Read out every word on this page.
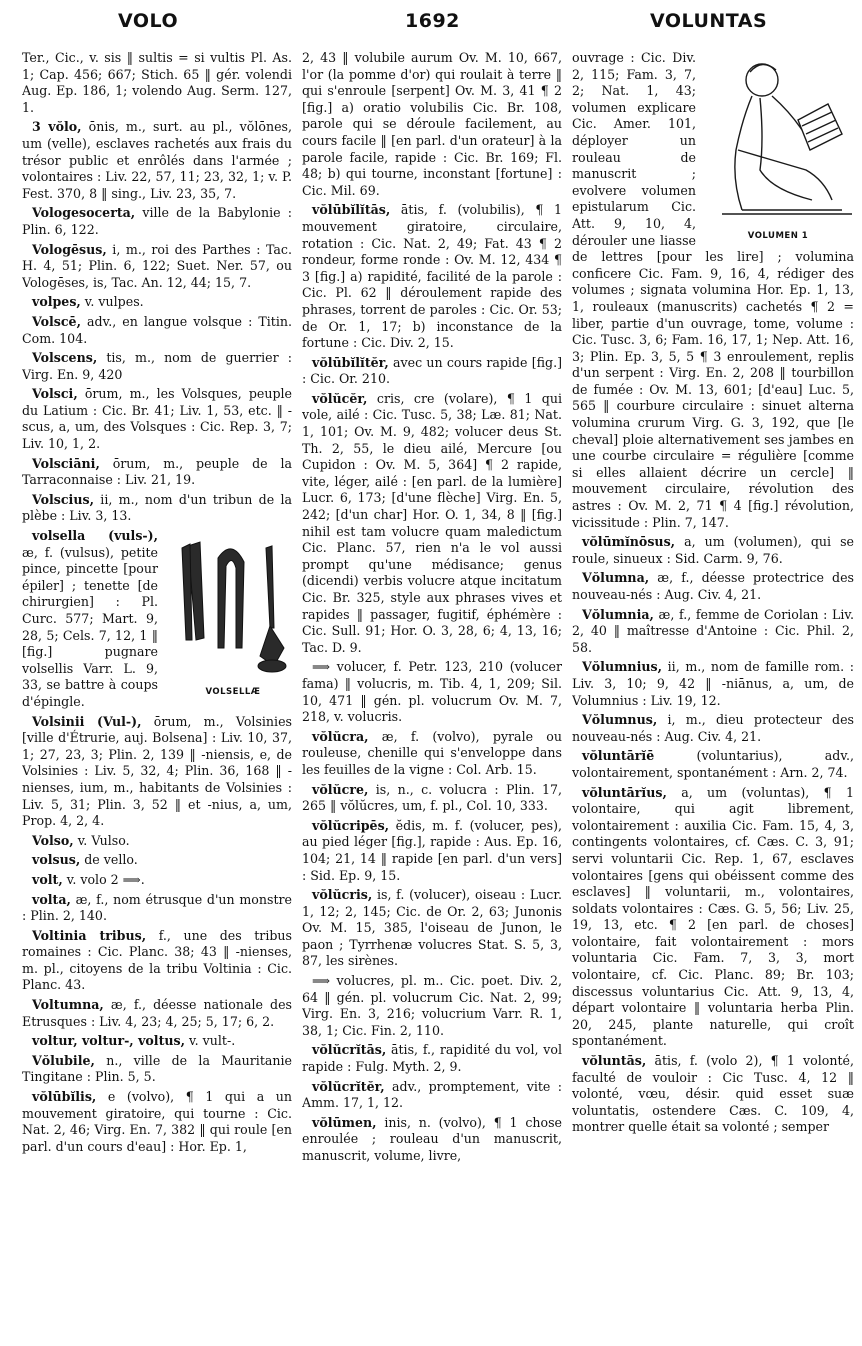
VOLO	1692	VOLUNTAS

Ter., Cic., v. sis ‖ sultis = si vultis Pl. As. 1; Cap. 456; 667; Stich. 65 ‖ gér. volendi Aug. Ep. 186, 1; volendo Aug. Serm. 127, 1.

3 vŏlo, ōnis, m., surt. au pl., vŏlōnes, um (velle), esclaves rachetés aux frais du trésor public et enrôlés dans l'armée ; volontaires : Liv. 22, 57, 11; 23, 32, 1; v. P. Fest. 370, 8 ‖ sing., Liv. 23, 35, 7.

Vologesocerta, ville de la Babylonie : Plin. 6, 122.

Vologēsus, i, m., roi des Parthes : Tac. H. 4, 51; Plin. 6, 122; Suet. Ner. 57, ou Vologēses, is, Tac. An. 12, 44; 15, 7.

volpes, v. vulpes.

Volscē, adv., en langue volsque : Titin. Com. 104.

Volscens, tis, m., nom de guerrier : Virg. En. 9, 420

Volsci, ōrum, m., les Volsques, peuple du Latium : Cic. Br. 41; Liv. 1, 53, etc. ‖ -scus, a, um, des Volsques : Cic. Rep. 3, 7; Liv. 10, 1, 2.

Volsciāni, ōrum, m., peuple de la Tarraconnaise : Liv. 21, 19.

Volscius, ii, m., nom d'un tribun de la plèbe : Liv. 3, 13.

VOLSELLÆ
volsella (vuls-), æ, f. (vulsus), petite pince, pincette [pour épiler] ; tenette [de chirurgien] : Pl. Curc. 577; Mart. 9, 28, 5; Cels. 7, 12, 1 ‖ [fig.] pugnare volsellis Varr. L. 9, 33, se battre à coups d'épingle.

Volsinii (Vul-), ōrum, m., Volsinies [ville d'Étrurie, auj. Bolsena] : Liv. 10, 37, 1; 27, 23, 3; Plin. 2, 139 ‖ -niensis, e, de Volsinies : Liv. 5, 32, 4; Plin. 36, 168 ‖ -nienses, ium, m., habitants de Volsinies : Liv. 5, 31; Plin. 3, 52 ‖ et -nius, a, um, Prop. 4, 2, 4.

Volso, v. Vulso.

volsus, de vello.

volt, v. volo 2 ⟹.

volta, æ, f., nom étrusque d'un monstre : Plin. 2, 140.

Voltinia tribus, f., une des tribus romaines : Cic. Planc. 38; 43 ‖ -nienses, m. pl., citoyens de la tribu Voltinia : Cic. Planc. 43.

Voltumna, æ, f., déesse nationale des Etrusques : Liv. 4, 23; 4, 25; 5, 17; 6, 2.

voltur, voltur-, voltus, v. vult-.

Vŏlubile, n., ville de la Mauritanie Tingitane : Plin. 5, 5.

vŏlūbĭlis, e (volvo), ¶ 1 qui a un mouvement giratoire, qui tourne : Cic. Nat. 2, 46; Virg. En. 7, 382 ‖ qui roule [en parl. d'un cours d'eau] : Hor. Ep. 1,

2, 43 ‖ volubile aurum Ov. M. 10, 667, l'or (la pomme d'or) qui roulait à terre ‖ qui s'enroule [serpent] Ov. M. 3, 41 ¶ 2 [fig.] a) oratio volubilis Cic. Br. 108, parole qui se déroule facilement, au cours facile ‖ [en parl. d'un orateur] à la parole facile, rapide : Cic. Br. 169; Fl. 48; b) qui tourne, inconstant [fortune] : Cic. Mil. 69.

vŏlūbĭlĭtās, ātis, f. (volubilis), ¶ 1 mouvement giratoire, circulaire, rotation : Cic. Nat. 2, 49; Fat. 43 ¶ 2 rondeur, forme ronde : Ov. M. 12, 434 ¶ 3 [fig.] a) rapidité, facilité de la parole : Cic. Pl. 62 ‖ déroulement rapide des phrases, torrent de paroles : Cic. Or. 53; de Or. 1, 17; b) inconstance de la fortune : Cic. Div. 2, 15.

vŏlūbĭlĭtĕr, avec un cours rapide [fig.] : Cic. Or. 210.

vŏlŭcĕr, cris, cre (volare), ¶ 1 qui vole, ailé : Cic. Tusc. 5, 38; Læ. 81; Nat. 1, 101; Ov. M. 9, 482; volucer deus St. Th. 2, 55, le dieu ailé, Mercure [ou Cupidon : Ov. M. 5, 364] ¶ 2 rapide, vite, léger, ailé : [en parl. de la lumière] Lucr. 6, 173; [d'une flèche] Virg. En. 5, 242; [d'un char] Hor. O. 1, 34, 8 ‖ [fig.] nihil est tam volucre quam maledictum Cic. Planc. 57, rien n'a le vol aussi prompt qu'une médisance; genus (dicendi) verbis volucre atque incitatum Cic. Br. 325, style aux phrases vives et rapides ‖ passager, fugitif, éphémère : Cic. Sull. 91; Hor. O. 3, 28, 6; 4, 13, 16; Tac. D. 9.

⟹ volucer, f. Petr. 123, 210 (volucer fama) ‖ volucris, m. Tib. 4, 1, 209; Sil. 10, 471 ‖ gén. pl. volucrum Ov. M. 7, 218, v. volucris.

vŏlŭcra, æ, f. (volvo), pyrale ou rouleuse, chenille qui s'enveloppe dans les feuilles de la vigne : Col. Arb. 15.

vŏlŭcre, is, n., c. volucra : Plin. 17, 265 ‖ vŏlŭcres, um, f. pl., Col. 10, 333.

vŏlŭcripēs, ĕdis, m. f. (volucer, pes), au pied léger [fig.], rapide : Aus. Ep. 16, 104; 21, 14 ‖ rapide [en parl. d'un vers] : Sid. Ep. 9, 15.

vŏlŭcris, is, f. (volucer), oiseau : Lucr. 1, 12; 2, 145; Cic. de Or. 2, 63; Junonis Ov. M. 15, 385, l'oiseau de Junon, le paon ; Tyrrhenæ volucres Stat. S. 5, 3, 87, les sirènes.

⟹ volucres, pl. m.. Cic. poet. Div. 2, 64 ‖ gén. pl. volucrum Cic. Nat. 2, 99; Virg. En. 3, 216; volucrium Varr. R. 1, 38, 1; Cic. Fin. 2, 110.

vŏlŭcrĭtās, ātis, f., rapidité du vol, vol rapide : Fulg. Myth. 2, 9.

vŏlŭcrĭtĕr, adv., promptement, vite : Amm. 17, 1, 12.

vŏlūmen, inis, n. (volvo), ¶ 1 chose enroulée ; rouleau d'un manuscrit, manuscrit, volume, livre,

VOLUMEN 1
ouvrage : Cic. Div. 2, 115; Fam. 3, 7, 2; Nat. 1, 43; volumen explicare Cic. Amer. 101, déployer un rouleau de manuscrit ; evolvere volumen epistularum Cic. Att. 9, 10, 4, dérouler une liasse de lettres [pour les lire] ; volumina conficere Cic. Fam. 9, 16, 4, rédiger des volumes ; signata volumina Hor. Ep. 1, 13, 1, rouleaux (manuscrits) cachetés ¶ 2 = liber, partie d'un ouvrage, tome, volume : Cic. Tusc. 3, 6; Fam. 16, 17, 1; Nep. Att. 16, 3; Plin. Ep. 3, 5, 5 ¶ 3 enroulement, replis d'un serpent : Virg. En. 2, 208 ‖ tourbillon de fumée : Ov. M. 13, 601; [d'eau] Luc. 5, 565 ‖ courbure circulaire : sinuet alterna volumina crurum Virg. G. 3, 192, que [le cheval] ploie alternativement ses jambes en une courbe circulaire = régulière [comme si elles allaient décrire un cercle] ‖ mouvement circulaire, révolution des astres : Ov. M. 2, 71 ¶ 4 [fig.] révolution, vicissitude : Plin. 7, 147.

vŏlūmĭnōsus, a, um (volumen), qui se roule, sinueux : Sid. Carm. 9, 76.

Vŏlumna, æ, f., déesse protectrice des nouveau-nés : Aug. Civ. 4, 21.

Vŏlumnia, æ, f., femme de Coriolan : Liv. 2, 40 ‖ maîtresse d'Antoine : Cic. Phil. 2, 58.

Vŏlumnius, ii, m., nom de famille rom. : Liv. 3, 10; 9, 42 ‖ -niānus, a, um, de Volumnius : Liv. 19, 12.

Vŏlumnus, i, m., dieu protecteur des nouveau-nés : Aug. Civ. 4, 21.

vŏluntārĭē (voluntarius), adv., volontairement, spontanément : Arn. 2, 74.

vŏluntārĭus, a, um (voluntas), ¶ 1 volontaire, qui agit librement, volontairement : auxilia Cic. Fam. 15, 4, 3, contingents volontaires, cf. Cæs. C. 3, 91; servi voluntarii Cic. Rep. 1, 67, esclaves volontaires [gens qui obéissent comme des esclaves] ‖ voluntarii, m., volontaires, soldats volontaires : Cæs. G. 5, 56; Liv. 25, 19, 13, etc. ¶ 2 [en parl. de choses] volontaire, fait volontairement : mors voluntaria Cic. Fam. 7, 3, 3, mort volontaire, cf. Cic. Planc. 89; Br. 103; discessus voluntarius Cic. Att. 9, 13, 4, départ volontaire ‖ voluntaria herba Plin. 20, 245, plante naturelle, qui croît spontanément.

vŏluntās, ātis, f. (volo 2), ¶ 1 volonté, faculté de vouloir : Cic Tusc. 4, 12 ‖ volonté, vœu, désir. quid esset suæ voluntatis, ostendere Cæs. C. 109, 4, montrer quelle était sa volonté ; semper
